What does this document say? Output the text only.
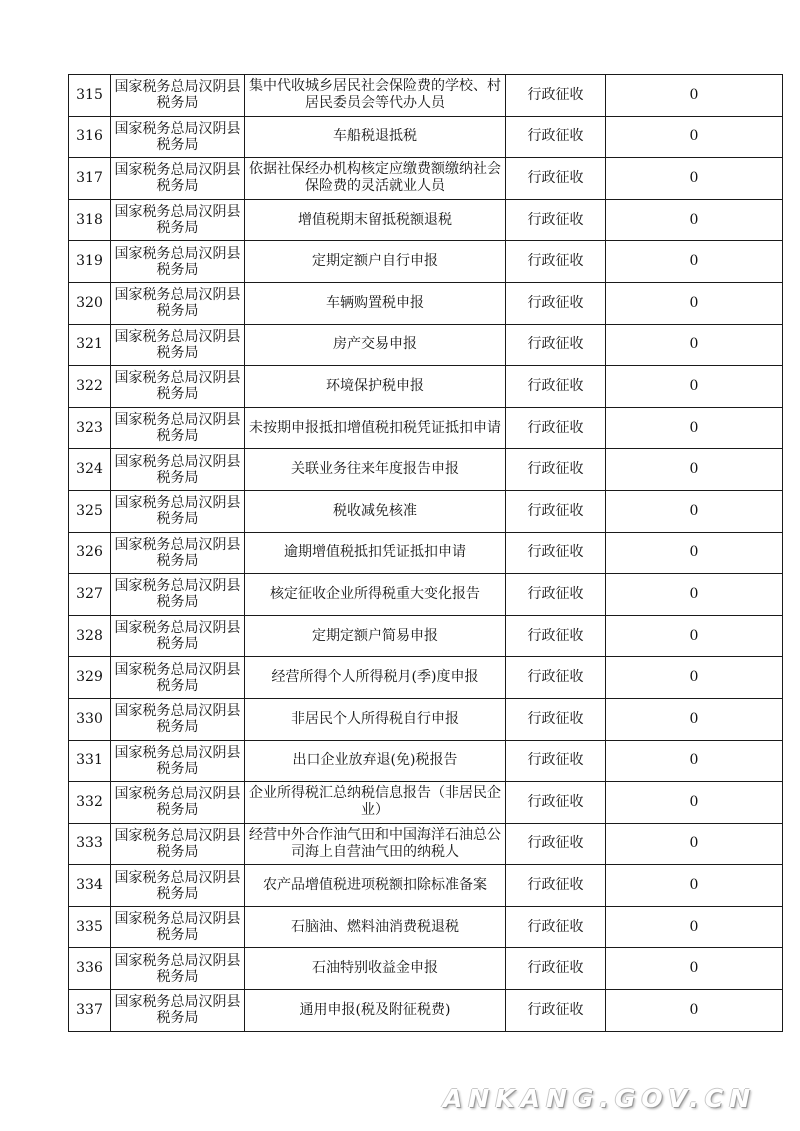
315	国家税务总局汉阴县税务局	集中代收城乡居民社会保险费的学校、村居民委员会等代办人员	行政征收	0
316	国家税务总局汉阴县税务局	车船税退抵税	行政征收	0
317	国家税务总局汉阴县税务局	依据社保经办机构核定应缴费额缴纳社会保险费的灵活就业人员	行政征收	0
318	国家税务总局汉阴县税务局	增值税期末留抵税额退税	行政征收	0
319	国家税务总局汉阴县税务局	定期定额户自行申报	行政征收	0
320	国家税务总局汉阴县税务局	车辆购置税申报	行政征收	0
321	国家税务总局汉阴县税务局	房产交易申报	行政征收	0
322	国家税务总局汉阴县税务局	环境保护税申报	行政征收	0
323	国家税务总局汉阴县税务局	未按期申报抵扣增值税扣税凭证抵扣申请	行政征收	0
324	国家税务总局汉阴县税务局	关联业务往来年度报告申报	行政征收	0
325	国家税务总局汉阴县税务局	税收减免核准	行政征收	0
326	国家税务总局汉阴县税务局	逾期增值税抵扣凭证抵扣申请	行政征收	0
327	国家税务总局汉阴县税务局	核定征收企业所得税重大变化报告	行政征收	0
328	国家税务总局汉阴县税务局	定期定额户简易申报	行政征收	0
329	国家税务总局汉阴县税务局	经营所得个人所得税月(季)度申报	行政征收	0
330	国家税务总局汉阴县税务局	非居民个人所得税自行申报	行政征收	0
331	国家税务总局汉阴县税务局	出口企业放弃退(免)税报告	行政征收	0
332	国家税务总局汉阴县税务局	企业所得税汇总纳税信息报告（非居民企业）	行政征收	0
333	国家税务总局汉阴县税务局	经营中外合作油气田和中国海洋石油总公司海上自营油气田的纳税人	行政征收	0
334	国家税务总局汉阴县税务局	农产品增值税进项税额扣除标准备案	行政征收	0
335	国家税务总局汉阴县税务局	石脑油、燃料油消费税退税	行政征收	0
336	国家税务总局汉阴县税务局	石油特别收益金申报	行政征收	0
337	国家税务总局汉阴县税务局	通用申报(税及附征税费)	行政征收	0
ANKANG.GOV.CN
